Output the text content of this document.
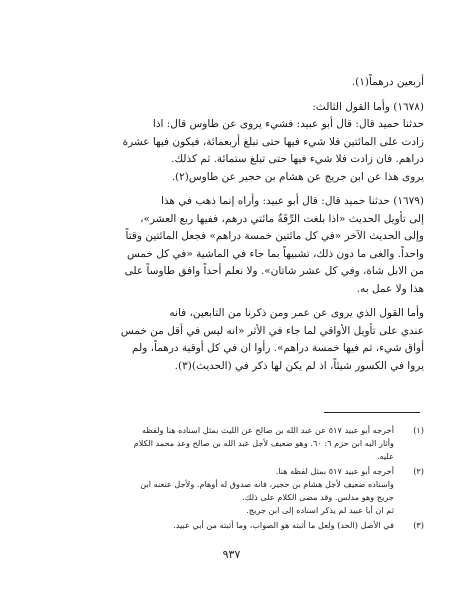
أربعين درهماً(١).
(١٦٧٨) وأما القول الثالث:
حدثنا حميد قال: قال أبو عبيد: فشيء يروى عن طاوس قال: اذا
زادت على المائتين فلا شيء فيها حتى تبلغ أربعمائة، فيكون فيها عشرة
دراهم. فان زادت فلا شيء فيها حتى تبلغ ستمائة. ثم كذلك.
يروى هذا عن ابن جريج عن هشام بن حجير عن طاوس(٢).
(١٦٧٩) حدثنا حميد قال: قال أبو عبيد: وأراه إنما ذهب في هذا
إلى تأويل الحديث «اذا بلغت الرِّقَةُ مائتي درهم، ففيها ربع العشر»،
وإلى الحديث الآخر «في كل مائتين خمسة دراهم» فجعل المائتين وقتاً
واحداً. والغى ما دون ذلك، تشبيهاً بما جاء في الماشية «في كل خمس
من الابل شاة، وفي كل عشر شاتان». ولا نعلم أحداً وافق طاوساً على
هذا ولا عمل به.
وأما القول الذي يروى عن عمر ومن ذكرنا من التابعين، فانه
عندي على تأويل الأواقي لما جاء في الأثر «انه ليس في أقل من خمس
أواق شيء، ثم فيها خمسة دراهم». رأوا ان في كل أوقية درهماً، ولم
يروا في الكسور شيئاً، اذ لم يكن لها ذكر في (الحديث)(٣).
(١)
أخرجه أبو عبيد ٥١٧ عن عبد الله بن صالح عن الليث بمثل اسناده هنا ولفظه
وأثار اليه ابن حزم ٦: ٦٠. وهو ضعيف لأجل عبد الله بن صالح وعد محمد الكلام
عليه.
(٢)
أخرجه أبو عبيد ٥١٧ بمثل لفظه هنا.
واسناده ضعيف لأجل هشام بن حجير، فانه صدوق له أوهام. ولأجل عنعنه ابن
جريج وهو مدلس. وقد مضى الكلام على ذلك.
ثم ان أبا عبيد لم يذكر اسناده إلى ابن جريج.
(٣)
في الأصل (الحد) ولعل ما أثبته هو الصواب، وما أثبته من أبي عبيد.
٩٣٧
